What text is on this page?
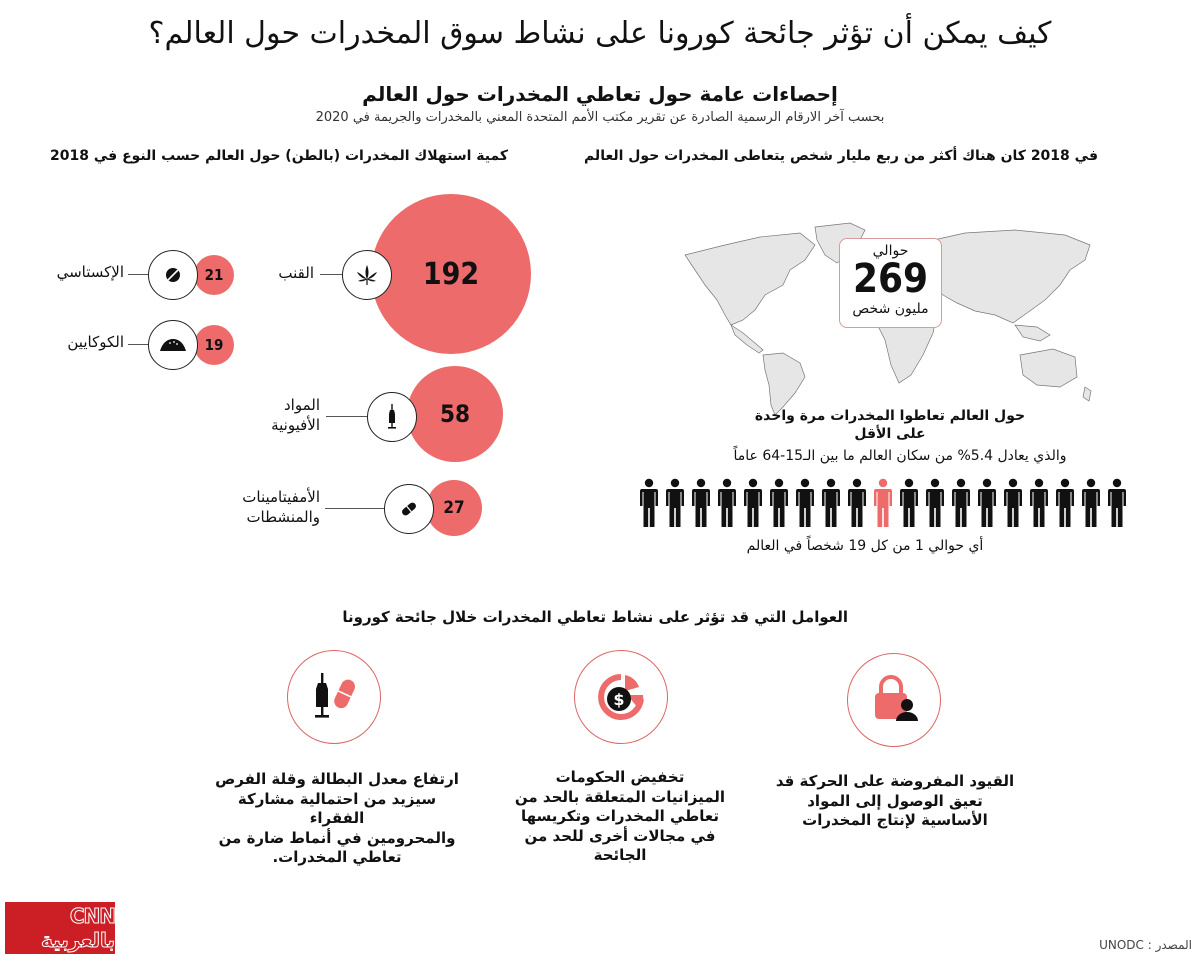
كيف يمكن أن تؤثر جائحة كورونا على نشاط سوق المخدرات حول العالم؟
إحصاءات عامة حول تعاطي المخدرات حول العالم
بحسب آخر الارقام الرسمية الصادرة عن تقرير مكتب الأمم المتحدة المعني بالمخدرات والجريمة في 2020
كمية استهلاك المخدرات (بالطن) حول العالم حسب النوع في 2018
192
القنب
21
الإكستاسي
19
الكوكايين
58
المواد
الأفيونية
27
الأمفيتامينات
والمنشطات
في 2018 كان هناك أكثر من ربع مليار شخص يتعاطى المخدرات حول العالم
حوالي
269
مليون شخص
حول العالم تعاطوا المخدرات مرة واحدة
على الأقل
والذي يعادل 5.4% من سكان العالم ما بين الـ15-64 عاماً
أي حوالي 1 من كل 19 شخصاً في العالم
العوامل التي قد تؤثر على نشاط تعاطي المخدرات خلال جائحة كورونا
القيود المفروضة على الحركة قد
تعيق الوصول إلى المواد
الأساسية لإنتاج المخدرات
$
تخفيض الحكومات
الميزانيات المتعلقة بالحد من
تعاطي المخدرات وتكريسها
في مجالات أخرى للحد من
الجائحة
ارتفاع معدل البطالة وقلة الفرص
سيزيد من احتمالية مشاركة الفقراء
والمحرومين في أنماط ضارة من
تعاطي المخدرات.
CNN بالعربية	المصدر : UNODC
